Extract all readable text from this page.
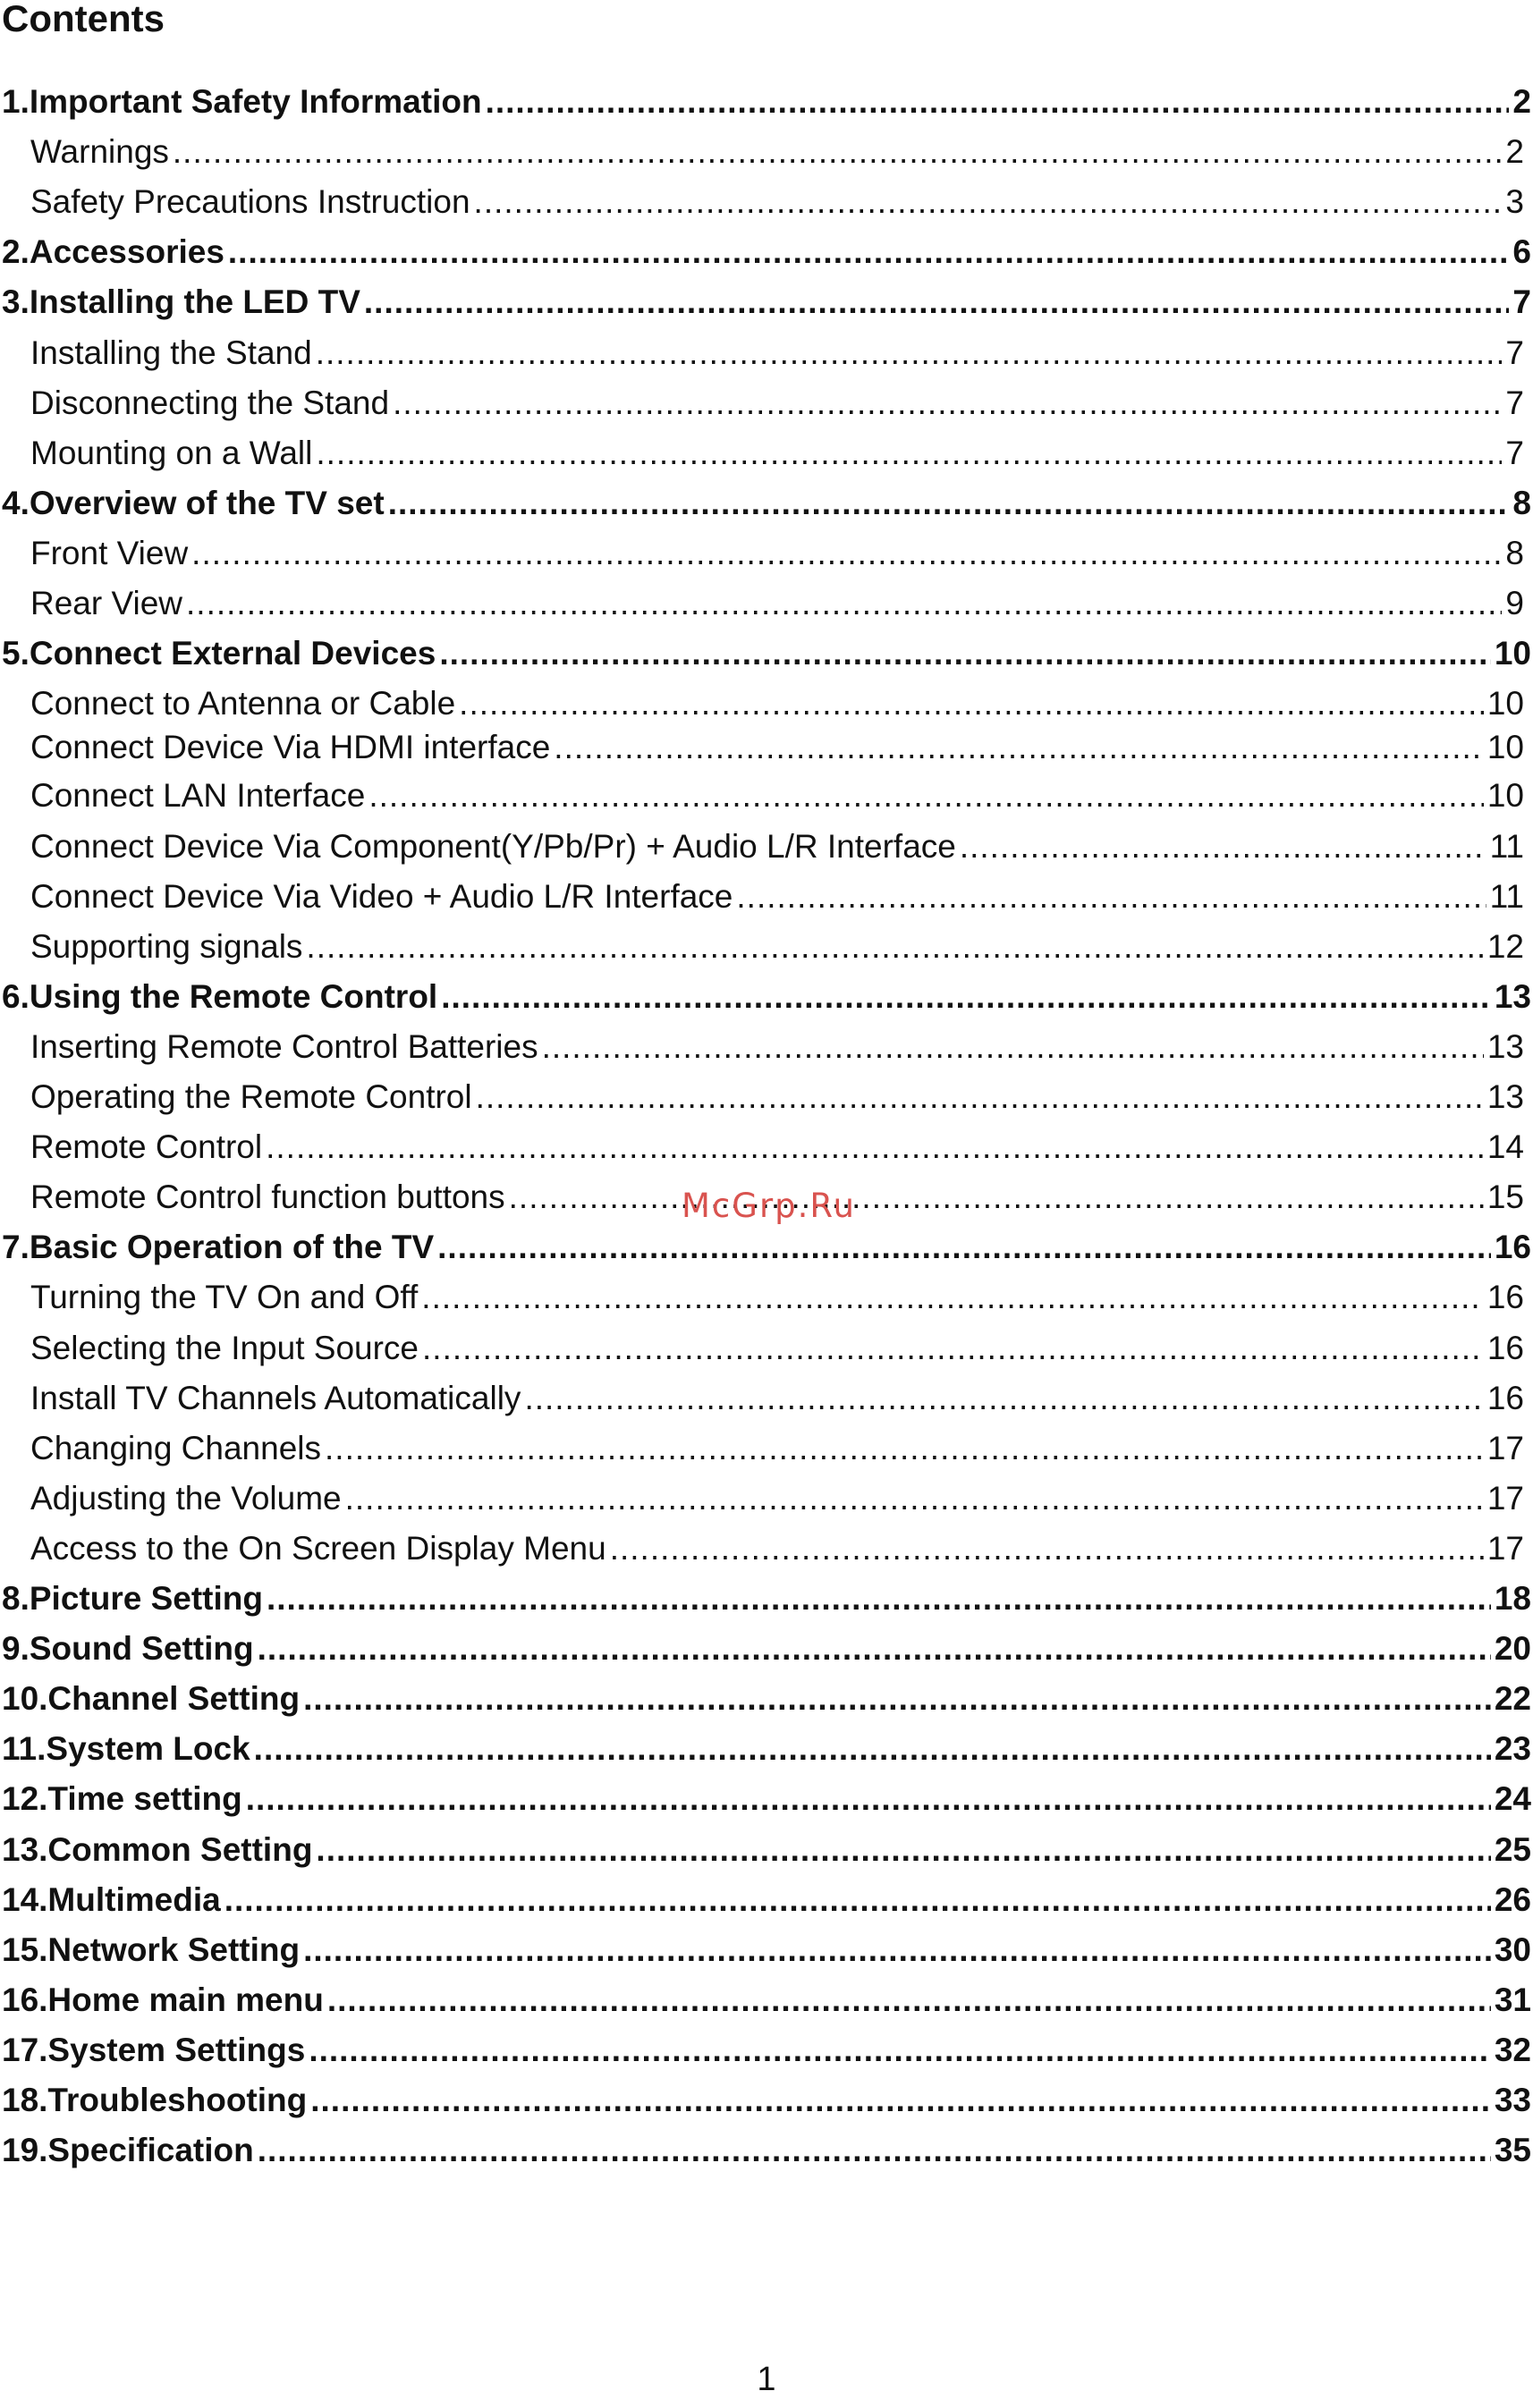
Contents
1.Important Safety Information .....	2
Warnings .....	2
Safety Precautions Instruction .....	3
2.Accessories .....	6
3.Installing the LED TV .....	7
Installing the Stand .....	7
Disconnecting the Stand .....	7
Mounting on a Wall .....	7
4.Overview of the TV set .....	8
Front View .....	8
Rear View .....	9
5.Connect External Devices .....	10
Connect to Antenna or Cable .....	10
Connect Device Via HDMI interface .....	10
Connect LAN Interface .....	10
Connect Device Via Component(Y/Pb/Pr) + Audio L/R Interface .....	11
Connect Device Via Video + Audio L/R Interface .....	11
Supporting signals .....	12
6.Using the Remote Control .....	13
Inserting Remote Control Batteries .....	13
Operating the Remote Control .....	13
Remote Control .....	14
Remote Control function buttons .....	15
7.Basic Operation of the TV .....	16
Turning the TV On and Off .....	16
Selecting the Input Source .....	16
Install TV Channels Automatically .....	16
Changing Channels .....	17
Adjusting the Volume .....	17
Access to the On Screen Display Menu .....	17
8.Picture Setting .....	18
9.Sound Setting .....	20
10.Channel Setting .....	22
11.System Lock .....	23
12.Time setting .....	24
13.Common Setting .....	25
14.Multimedia .....	26
15.Network Setting .....	30
16.Home main menu .....	31
17.System Settings .....	32
18.Troubleshooting .....	33
19.Specification .....	35
McGrp.Ru
1
